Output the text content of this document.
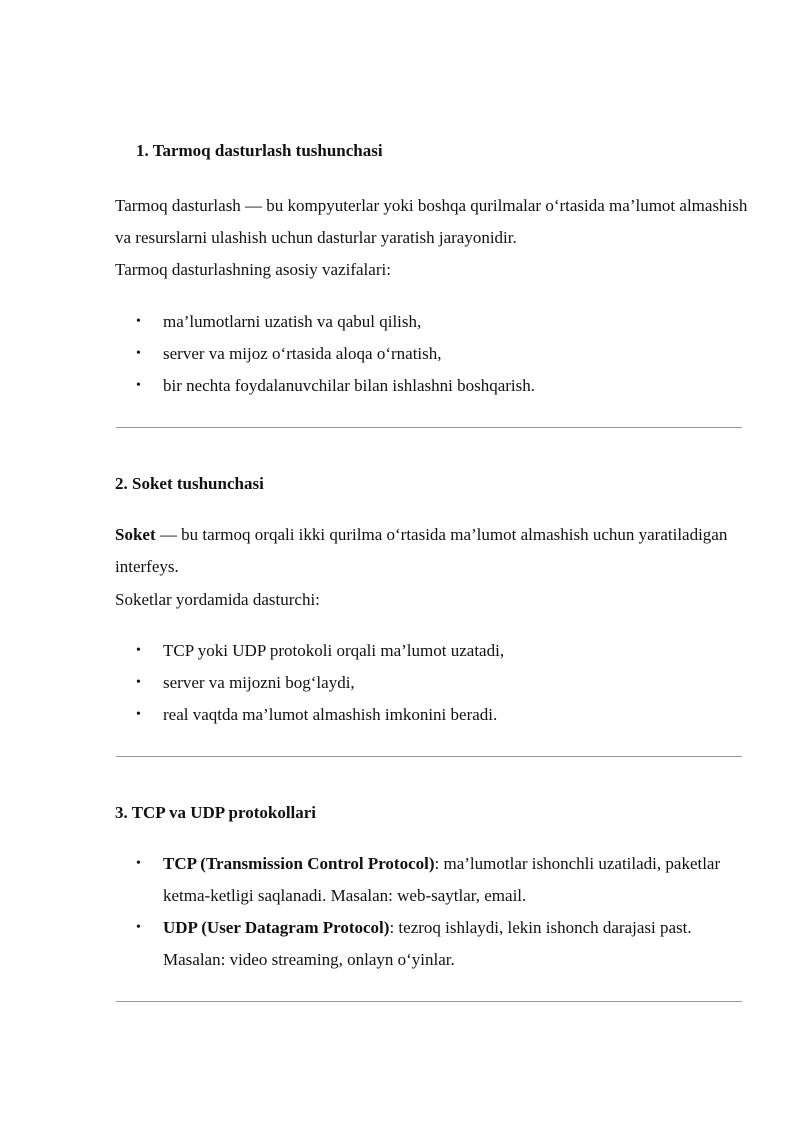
1. Tarmoq dasturlash tushunchasi

Tarmoq dasturlash — bu kompyuterlar yoki boshqa qurilmalar o‘rtasida ma’lumot almashish va resurslarni ulashish uchun dasturlar yaratish jarayonidir.

Tarmoq dasturlashning asosiy vazifalari:

• ma’lumotlarni uzatish va qabul qilish,
• server va mijoz o‘rtasida aloqa o‘rnatish,
• bir nechta foydalanuvchilar bilan ishlashni boshqarish.
2. Soket tushunchasi

Soket — bu tarmoq orqali ikki qurilma o‘rtasida ma’lumot almashish uchun yaratiladigan interfeys.

Soketlar yordamida dasturchi:

• TCP yoki UDP protokoli orqali ma’lumot uzatadi,
• server va mijozni bog‘laydi,
• real vaqtda ma’lumot almashish imkonini beradi.
3. TCP va UDP protokollari
• TCP (Transmission Control Protocol): ma’lumotlar ishonchli uzatiladi, paketlar ketma-ketligi saqlanadi. Masalan: web-saytlar, email.
• UDP (User Datagram Protocol): tezroq ishlaydi, lekin ishonch darajasi past. Masalan: video streaming, onlayn o‘yinlar.
